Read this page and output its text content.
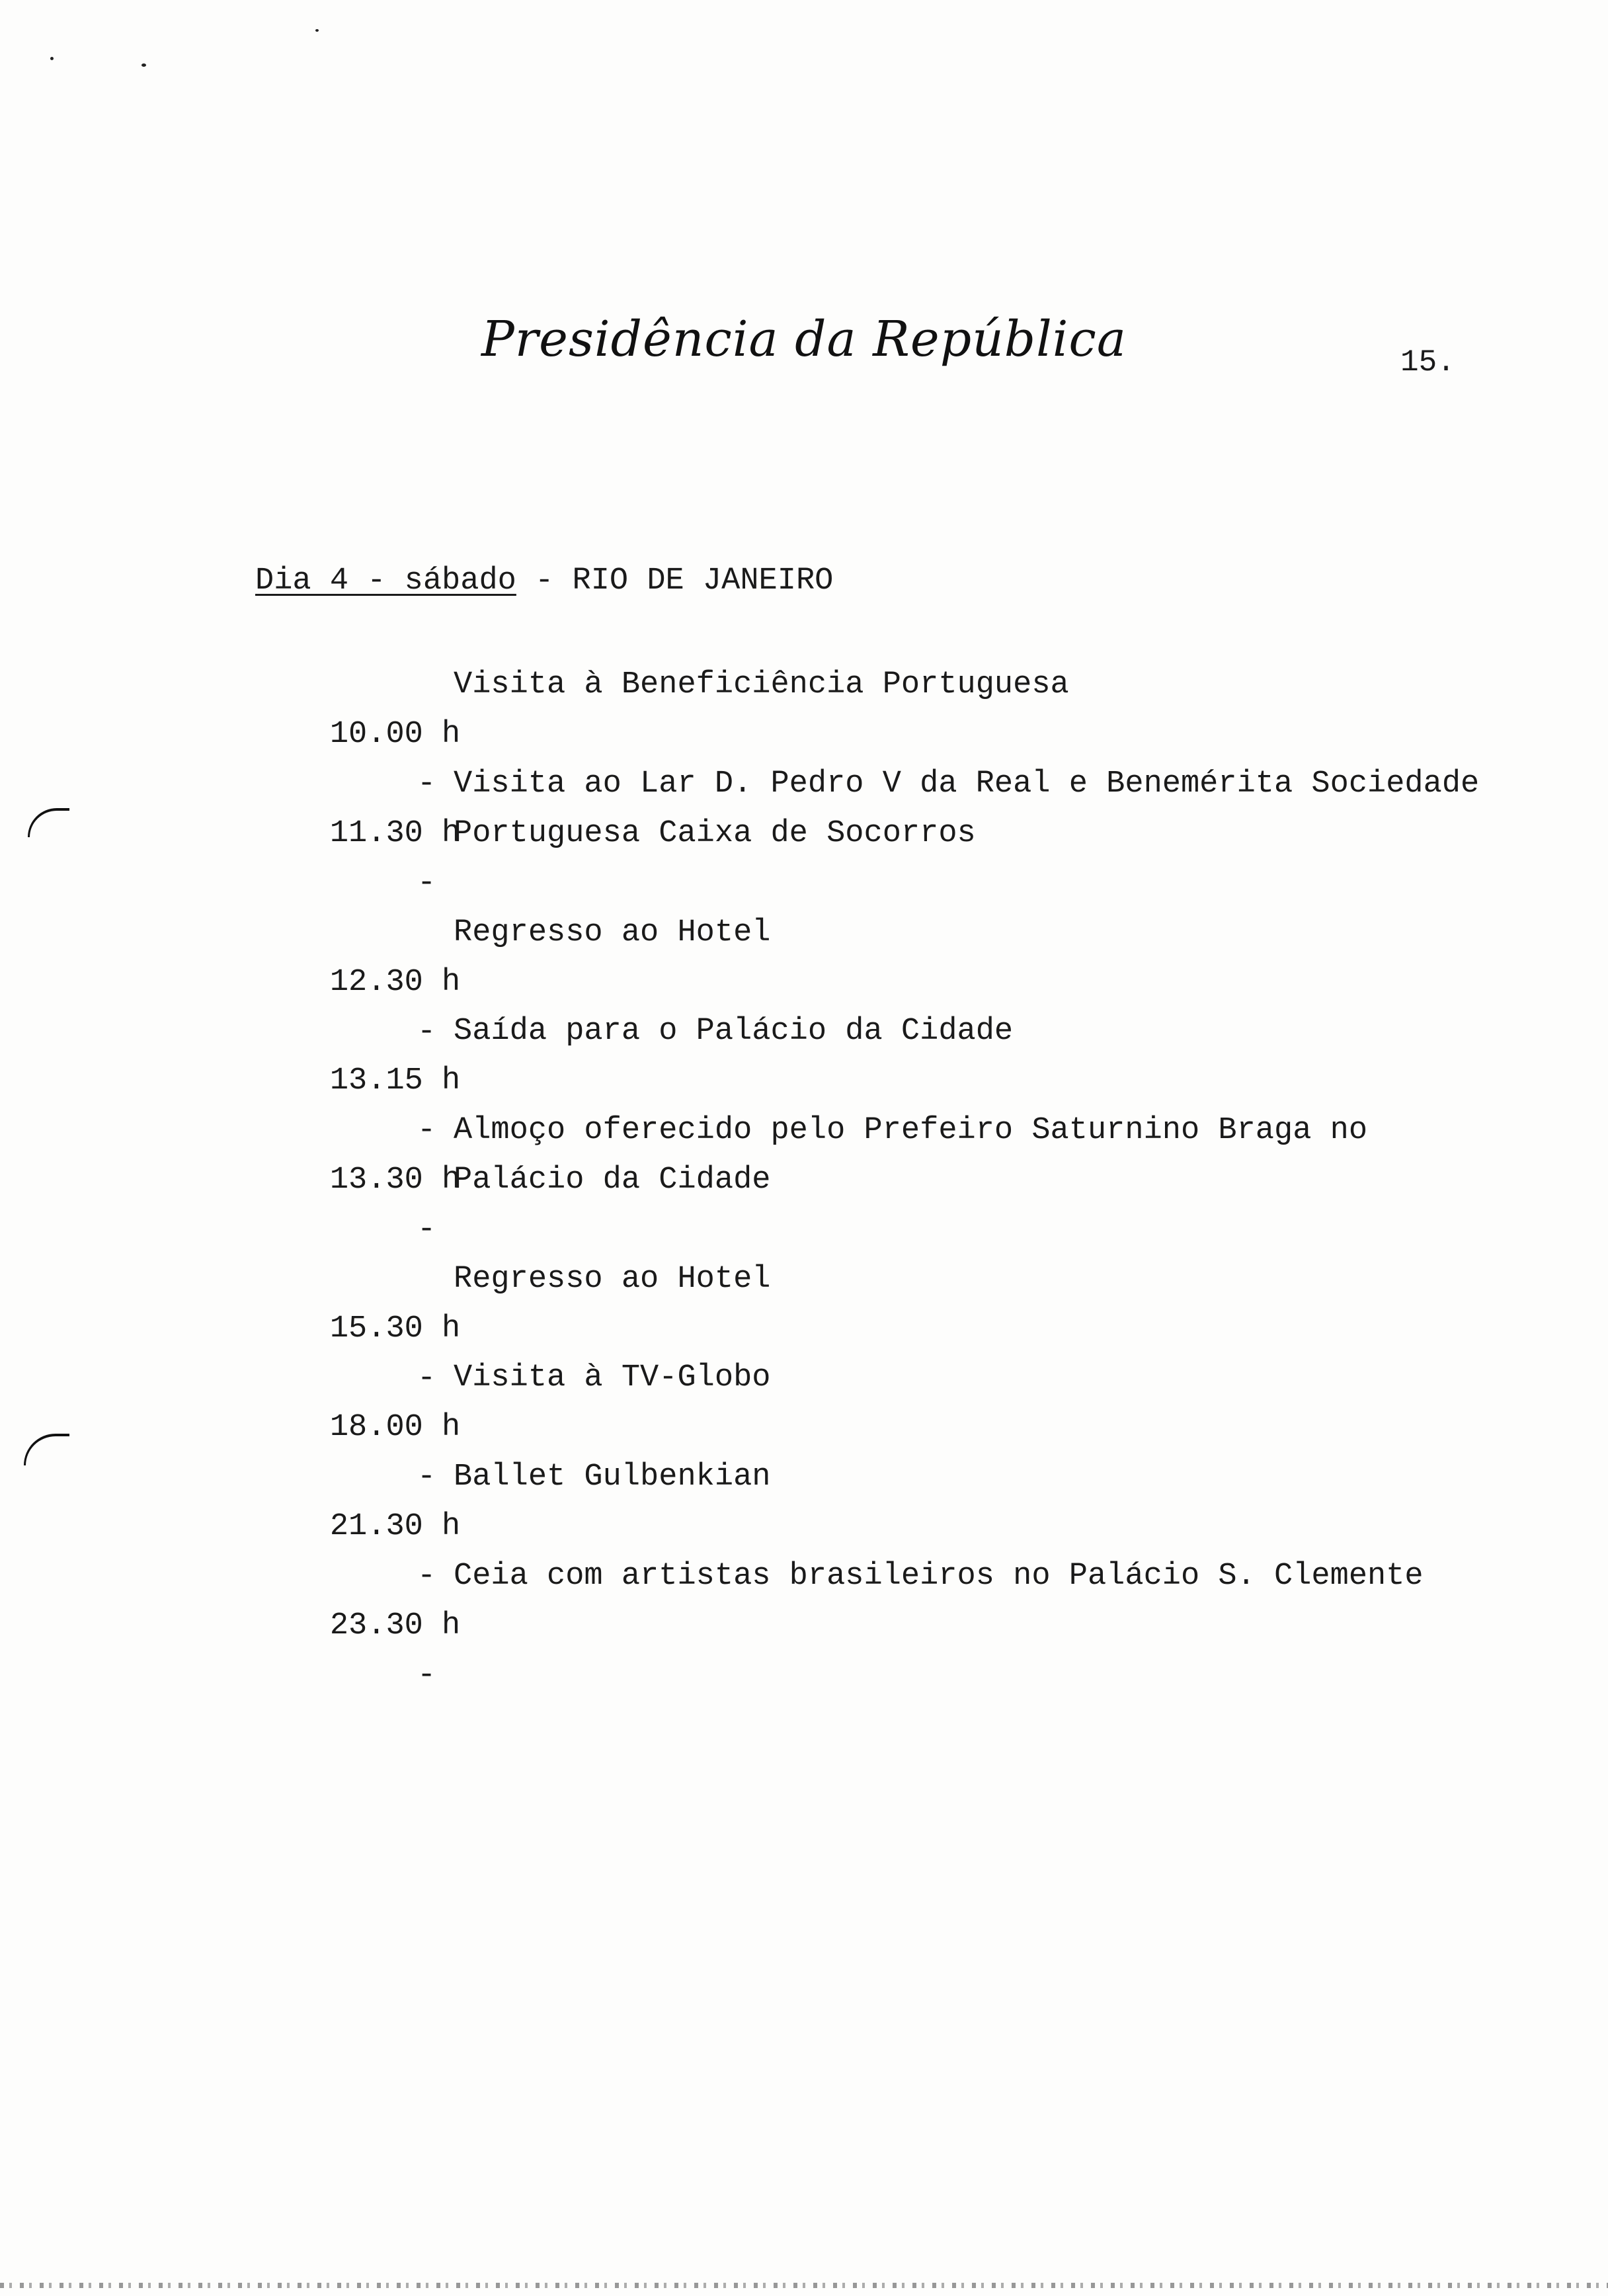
Presidência da República	15.
Dia 4 - sábado - RIO DE JANEIRO

10.00 h

-

Visita à Beneficiência Portuguesa

11.30 h

-

Visita ao Lar D. Pedro V da Real e Benemérita Sociedade
Portuguesa Caixa de Socorros

12.30 h

-

Regresso ao Hotel

13.15 h

-

Saída para o Palácio da Cidade

13.30 h

-

Almoço oferecido pelo Prefeiro Saturnino Braga no
Palácio da Cidade

15.30 h

-

Regresso ao Hotel

18.00 h

-

Visita à TV-Globo

21.30 h

-

Ballet Gulbenkian

23.30 h

-

Ceia com artistas brasileiros no Palácio S. Clemente
